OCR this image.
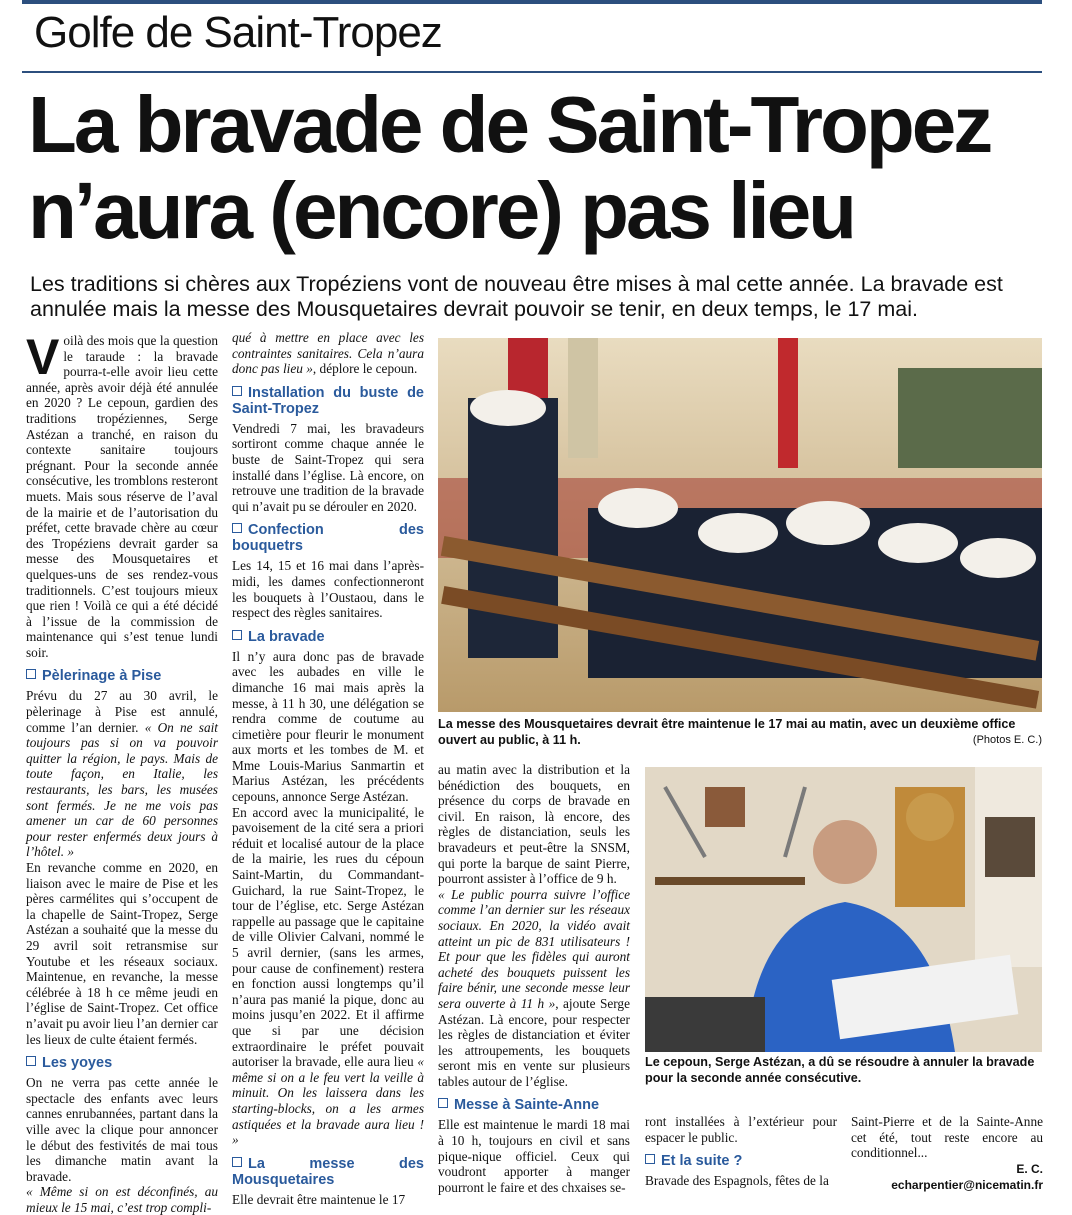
Golfe de Saint-Tropez
La bravade de Saint-Tropez
n’aura (encore) pas lieu
Les traditions si chères aux Tropéziens vont de nouveau être mises à mal cette année. La bravade est annulée mais la messe des Mousquetaires devrait pouvoir se tenir, en deux temps, le 17 mai.

Voilà des mois que la question le taraude : la bravade pourra-t-elle avoir lieu cette année, après avoir déjà été annulée en 2020 ? Le cepoun, gardien des traditions tropéziennes, Serge Astézan a tranché, en raison du contexte sanitaire toujours prégnant. Pour la seconde année consécutive, les tromblons resteront muets. Mais sous réserve de l’aval de la mairie et de l’autorisation du préfet, cette bravade chère au cœur des Tropéziens devrait garder sa messe des Mousquetaires et quelques-uns de ses rendez-vous traditionnels. C’est toujours mieux que rien ! Voilà ce qui a été décidé à l’issue de la commission de maintenance qui s’est tenue lundi soir.

Pèlerinage à Pise

Prévu du 27 au 30 avril, le pèlerinage à Pise est annulé, comme l’an dernier. « On ne sait toujours pas si on va pouvoir quitter la région, le pays. Mais de toute façon, en Italie, les restaurants, les bars, les musées sont fermés. Je ne me vois pas amener un car de 60 personnes pour rester enfermés deux jours à l’hôtel. »

En revanche comme en 2020, en liaison avec le maire de Pise et les pères carmélites qui s’occupent de la chapelle de Saint-Tropez, Serge Astézan a souhaité que la messe du 29 avril soit retransmise sur Youtube et les réseaux sociaux. Maintenue, en revanche, la messe célébrée à 18 h ce même jeudi en l’église de Saint-Tropez. Cet office n’avait pu avoir lieu l’an dernier car les lieux de culte étaient fermés.

Les yoyes

On ne verra pas cette année le spectacle des enfants avec leurs cannes enrubannées, partant dans la ville avec la clique pour annoncer le début des festivités de mai tous les dimanche matin avant la bravade.

« Même si on est déconfinés, au mieux le 15 mai, c’est trop compli-

qué à mettre en place avec les contraintes sanitaires. Cela n’aura donc pas lieu », déplore le cepoun.

Installation du buste de Saint-Tropez

Vendredi 7 mai, les bravadeurs sortiront comme chaque année le buste de Saint-Tropez qui sera installé dans l’église. Là encore, on retrouve une tradition de la bravade qui n’avait pu se dérouler en 2020.

Confection des bouquetrs

Les 14, 15 et 16 mai dans l’après-midi, les dames confectionneront les bouquets à l’Oustaou, dans le respect des règles sanitaires.

La bravade

Il n’y aura donc pas de bravade avec les aubades en ville le dimanche 16 mai mais après la messe, à 11 h 30, une délégation se rendra comme de coutume au cimetière pour fleurir le monument aux morts et les tombes de M. et Mme Louis-Marius Sanmartin et Marius Astézan, les précédents cepouns, annonce Serge Astézan.

En accord avec la municipalité, le pavoisement de la cité sera a priori réduit et localisé autour de la place de la mairie, les rues du cépoun Saint-Martin, du Commandant-Guichard, la rue Saint-Tropez, le tour de l’église, etc. Serge Astézan rappelle au passage que le capitaine de ville Olivier Calvani, nommé le 5 avril dernier, (sans les armes, pour cause de confinement) restera en fonction aussi longtemps qu’il n’aura pas manié la pique, donc au moins jusqu’en 2022. Et il affirme que si par une décision extraordinaire le préfet pouvait autoriser la bravade, elle aura lieu « même si on a le feu vert la veille à minuit. On les laissera dans les starting-blocks, on a les armes astiquées et la bravade aura lieu ! »

La messe des Mousquetaires

Elle devrait être maintenue le 17

La messe des Mousquetaires devrait être maintenue le 17 mai au matin, avec un deuxième office ouvert au public, à 11 h.	(Photos E. C.)

au matin avec la distribution et la bénédiction des bouquets, en présence du corps de bravade en civil. En raison, là encore, des règles de distanciation, seuls les bravadeurs et peut-être la SNSM, qui porte la barque de saint Pierre, pourront assister à l’office de 9 h.

« Le public pourra suivre l’office comme l’an dernier sur les réseaux sociaux. En 2020, la vidéo avait atteint un pic de 831 utilisateurs ! Et pour que les fidèles qui auront acheté des bouquets puissent les faire bénir, une seconde messe leur sera ouverte à 11 h », ajoute Serge Astézan. Là encore, pour respecter les règles de distanciation et éviter les attroupements, les bouquets seront mis en vente sur plusieurs tables autour de l’église.

Messe à Sainte-Anne

Elle est maintenue le mardi 18 mai à 10 h, toujours en civil et sans pique-nique officiel. Ceux qui voudront apporter à manger pourront le faire et des chxaises se-

Le cepoun, Serge Astézan, a dû se résoudre à annuler la bravade pour la seconde année consécutive.

ront installées à l’extérieur pour espacer le public.

Et la suite ?

Bravade des Espagnols, fêtes de la

Saint-Pierre et de la Sainte-Anne cet été, tout reste encore au conditionnel...

E. C.
echarpentier@nicematin.fr
